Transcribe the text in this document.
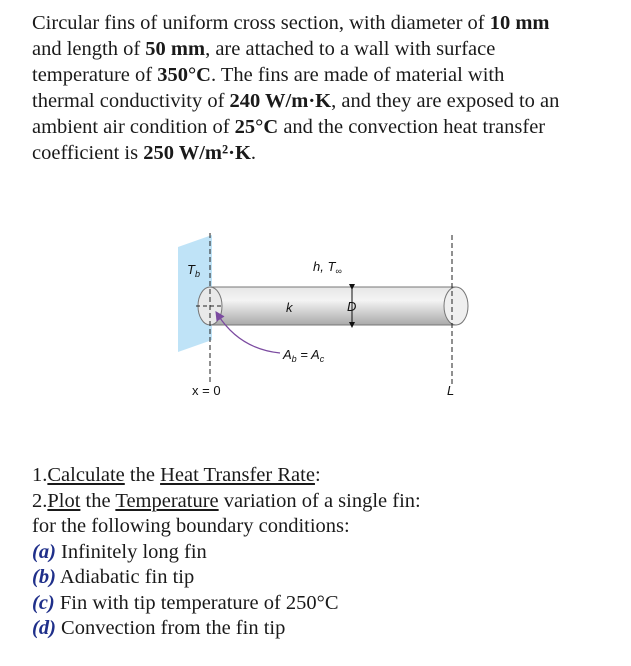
Circular fins of uniform cross section, with diameter of 10 mm
and length of 50 mm, are attached to a wall with surface
temperature of 350°C. The fins are made of material with
thermal conductivity of 240 W/m·K, and they are exposed to an
ambient air condition of 25°C and the convection heat transfer
coefficient is 250 W/m²·K.
$T_b$	h, $T_\infty$
k	D
$A_b = A_c$
x = 0	L
1.Calculate the Heat Transfer Rate:
2.Plot the Temperature variation of a single fin:
for the following boundary conditions:
(a) Infinitely long fin
(b) Adiabatic fin tip
(c) Fin with tip temperature of 250°C
(d) Convection from the fin tip
